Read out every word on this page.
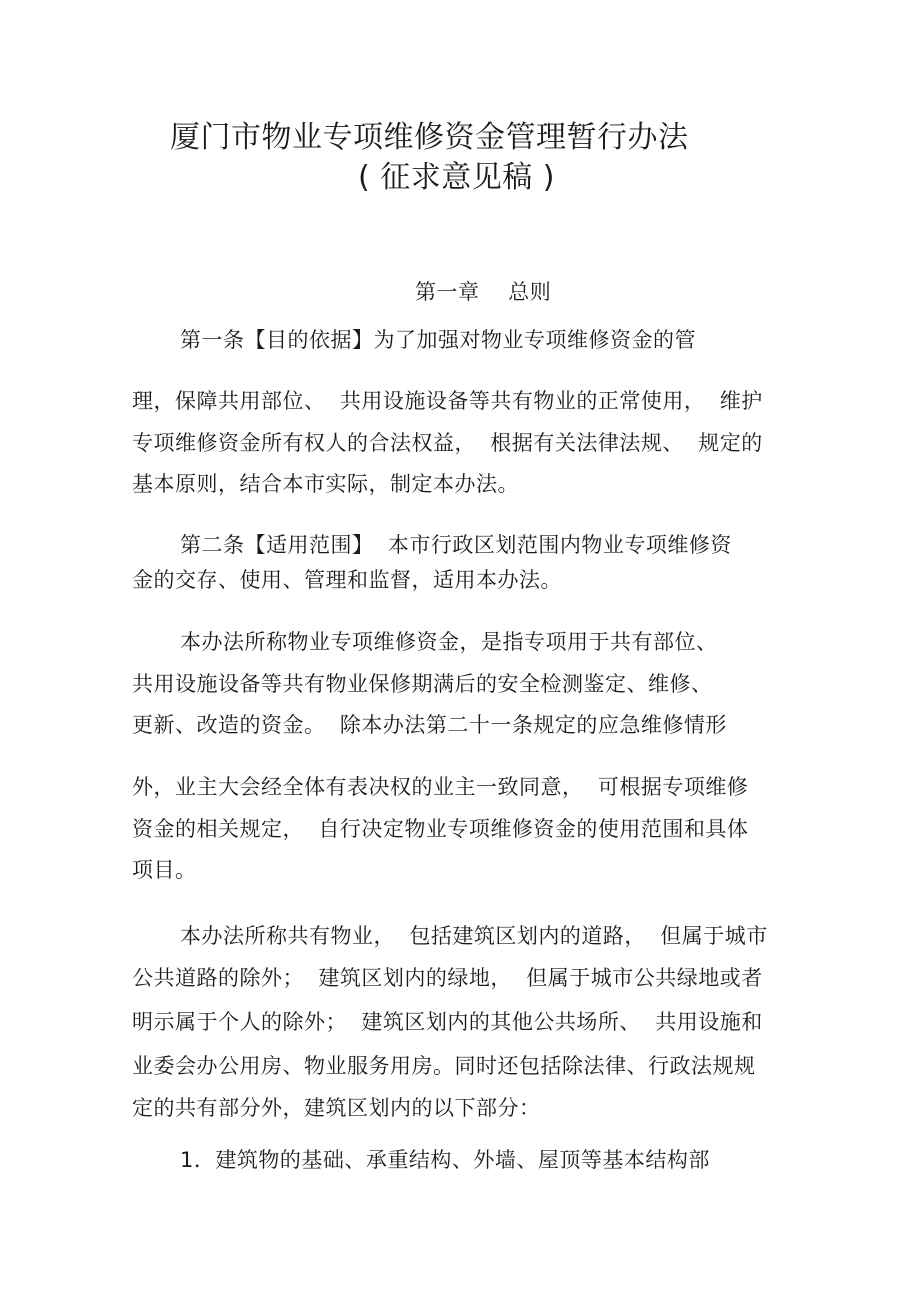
厦门市物业专项维修资金管理暂行办法
( 征求意见稿 )
第一章    总则
第一条【目的依据】为了加强对物业专项维修资金的管
理，保障共用部位、  共用设施设备等共有物业的正常使用，  维护
专项维修资金所有权人的合法权益，  根据有关法律法规、  规定的
基本原则，结合本市实际，制定本办法。
第二条【适用范围】  本市行政区划范围内物业专项维修资
金的交存、使用、管理和监督，适用本办法。
本办法所称物业专项维修资金，是指专项用于共有部位、
共用设施设备等共有物业保修期满后的安全检测鉴定、维修、
更新、改造的资金。  除本办法第二十一条规定的应急维修情形
外，业主大会经全体有表决权的业主一致同意，  可根据专项维修
资金的相关规定，  自行决定物业专项维修资金的使用范围和具体
项目。
本办法所称共有物业，  包括建筑区划内的道路，  但属于城市
公共道路的除外；  建筑区划内的绿地，  但属于城市公共绿地或者
明示属于个人的除外；  建筑区划内的其他公共场所、  共用设施和
业委会办公用房、物业服务用房。同时还包括除法律、行政法规规
定的共有部分外，建筑区划内的以下部分：
1．建筑物的基础、承重结构、外墙、屋顶等基本结构部
